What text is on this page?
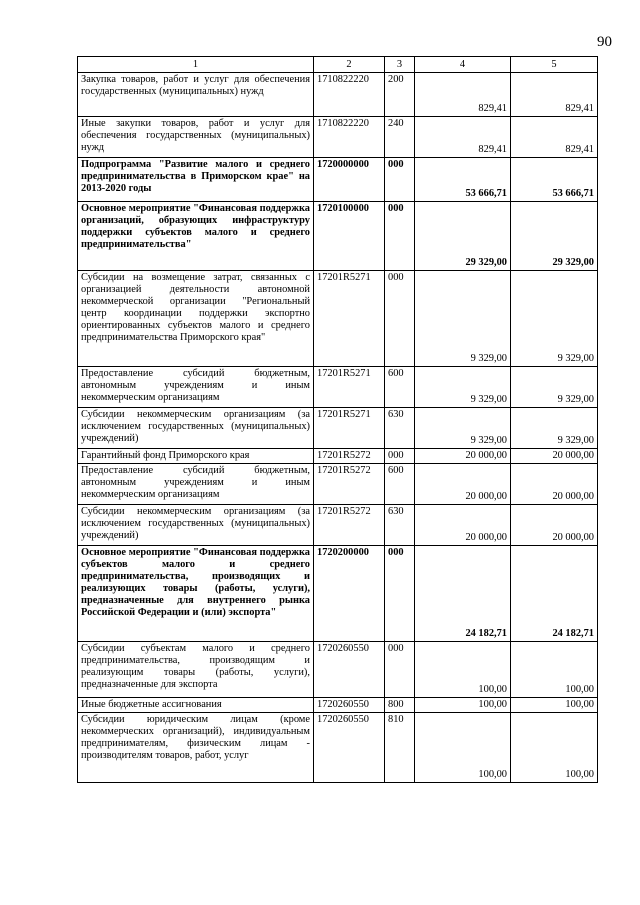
90
1	2	3	4	5
Закупка товаров, работ и услуг для обеспечения государственных (муниципальных) нужд	1710822220	200	829,41	829,41
Иные закупки товаров, работ и услуг для обеспечения государственных (муниципальных) нужд	1710822220	240	829,41	829,41
Подпрограмма "Развитие малого и среднего предпринимательства в Приморском крае" на 2013-2020 годы	1720000000	000	53 666,71	53 666,71
Основное мероприятие "Финансовая поддержка организаций, образующих инфраструктуру поддержки субъектов малого и среднего предпринимательства"	1720100000	000	29 329,00	29 329,00
Субсидии на возмещение затрат, связанных с организацией деятельности автономной некоммерческой организации "Региональный центр координации поддержки экспортно ориентированных субъектов малого и среднего предпринимательства Приморского края"	17201R5271	000	9 329,00	9 329,00
Предоставление субсидий бюджетным, автономным учреждениям и иным некоммерческим организациям	17201R5271	600	9 329,00	9 329,00
Субсидии некоммерческим организациям (за исключением государственных (муниципальных) учреждений)	17201R5271	630	9 329,00	9 329,00
Гарантийный фонд Приморского края	17201R5272	000	20 000,00	20 000,00
Предоставление субсидий бюджетным, автономным учреждениям и иным некоммерческим организациям	17201R5272	600	20 000,00	20 000,00
Субсидии некоммерческим организациям (за исключением государственных (муниципальных) учреждений)	17201R5272	630	20 000,00	20 000,00
Основное мероприятие "Финансовая поддержка субъектов малого и среднего предпринимательства, производящих и реализующих товары (работы, услуги), предназначенные для внутреннего рынка Российской Федерации и (или) экспорта"	1720200000	000	24 182,71	24 182,71
Субсидии субъектам малого и среднего предпринимательства, производящим и реализующим товары (работы, услуги), предназначенные для экспорта	1720260550	000	100,00	100,00
Иные бюджетные ассигнования	1720260550	800	100,00	100,00
Субсидии юридическим лицам (кроме некоммерческих организаций), индивидуальным предпринимателям, физическим лицам - производителям товаров, работ, услуг	1720260550	810	100,00	100,00
